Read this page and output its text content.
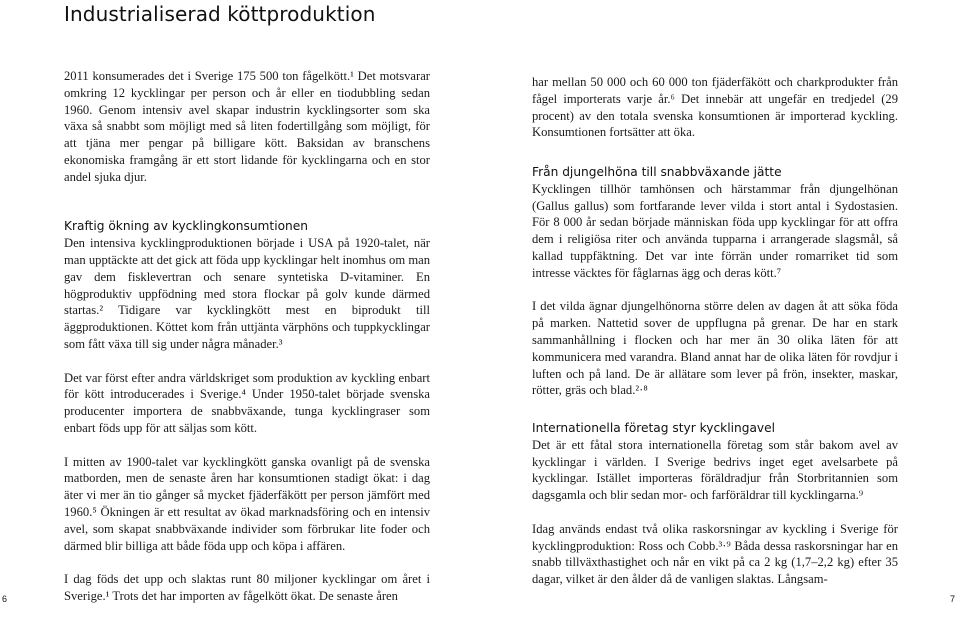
Industrialiserad köttproduktion

2011 konsumerades det i Sverige 175 500 ton fågelkött.¹ Det motsvarar omkring 12 kycklingar per person och år eller en tiodubbling sedan 1960. Genom intensiv avel skapar industrin kycklingsorter som ska växa så snabbt som möjligt med så liten fodertillgång som möjligt, för att tjäna mer pengar på billigare kött. Baksidan av branschens ekonomiska framgång är ett stort lidande för kycklingarna och en stor andel sjuka djur.

Kraftig ökning av kycklingkonsumtionen

Den intensiva kycklingproduktionen började i USA på 1920-talet, när man upptäckte att det gick att föda upp kycklingar helt inomhus om man gav dem fisklevertran och senare syntetiska D-vitaminer. En högproduktiv uppfödning med stora flockar på golv kunde därmed startas.² Tidigare var kycklingkött mest en biprodukt till äggproduktionen. Köttet kom från uttjänta värphöns och tuppkycklingar som fått växa till sig under några månader.³

Det var först efter andra världskriget som produktion av kyckling enbart för kött introducerades i Sverige.⁴ Under 1950-talet började svenska producenter importera de snabbväxande, tunga kycklingraser som enbart föds upp för att säljas som kött.

I mitten av 1900-talet var kycklingkött ganska ovanligt på de svenska matborden, men de senaste åren har konsumtionen stadigt ökat: i dag äter vi mer än tio gånger så mycket fjäderfäkött per person jämfört med 1960.⁵ Ökningen är ett resultat av ökad marknadsföring och en intensiv avel, som skapat snabbväxande individer som förbrukar lite foder och därmed blir billiga att både föda upp och köpa i affären.

I dag föds det upp och slaktas runt 80 miljoner kycklingar om året i Sverige.¹ Trots det har importen av fågelkött ökat. De senaste åren

har mellan 50 000 och 60 000 ton fjäderfäkött och charkprodukter från fågel importerats varje år.⁶ Det innebär att ungefär en tredjedel (29 procent) av den totala svenska konsumtionen är importerad kyckling. Konsumtionen fortsätter att öka.

Från djungelhöna till snabbväxande jätte

Kycklingen tillhör tamhönsen och härstammar från djungelhönan (Gallus gallus) som fortfarande lever vilda i stort antal i Sydostasien. För 8 000 år sedan började människan föda upp kycklingar för att offra dem i religiösa riter och använda tupparna i arrangerade slagsmål, så kallad tuppfäktning. Det var inte förrän under romarriket tid som intresse väcktes för fåglarnas ägg och deras kött.⁷

I det vilda ägnar djungelhönorna större delen av dagen åt att söka föda på marken. Nattetid sover de uppflugna på grenar. De har en stark sammanhållning i flocken och har mer än 30 olika läten för att kommunicera med varandra. Bland annat har de olika läten för rovdjur i luften och på land. De är allätare som lever på frön, insekter, maskar, rötter, gräs och blad.²·⁸

Internationella företag styr kycklingavel

Det är ett fåtal stora internationella företag som står bakom avel av kycklingar i världen. I Sverige bedrivs inget eget avelsarbete på kycklingar. Istället importeras föräldradjur från Storbritannien som dagsgamla och blir sedan mor- och farföräldrar till kycklingarna.⁹

Idag används endast två olika raskorsningar av kyckling i Sverige för kycklingproduktion: Ross och Cobb.³·⁹ Båda dessa raskorsningar har en snabb tillväxthastighet och når en vikt på ca 2 kg (1,7–2,2 kg) efter 35 dagar, vilket är den ålder då de vanligen slaktas. Långsam-

6	7
